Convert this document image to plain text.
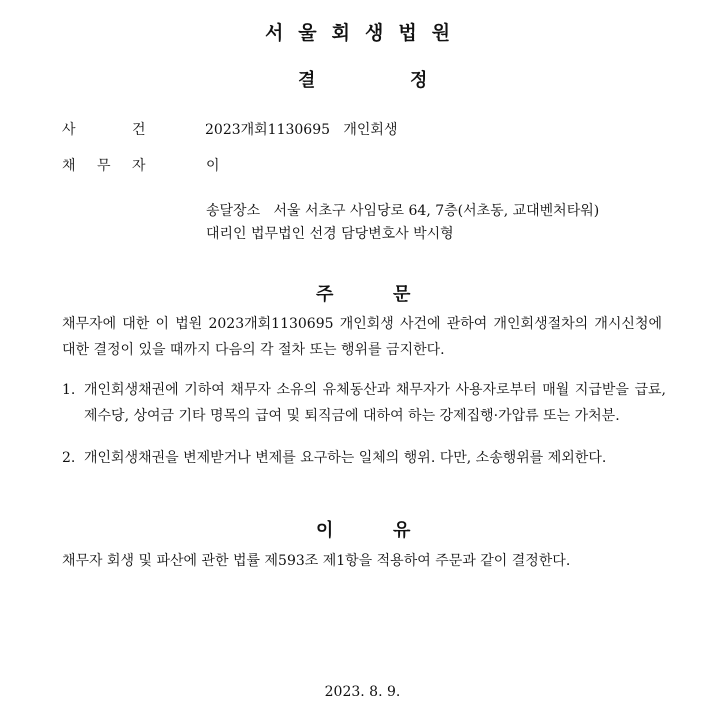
서울회생법원
결	정
사	건	2023개회1130695   개인회생
채 무 자	이
송달장소   서울 서초구 사임당로 64, 7층(서초동, 교대벤처타워)
대리인 법무법인 선경 담당변호사 박시형
주	문
채무자에 대한 이 법원 2023개회1130695 개인회생 사건에 관하여 개인회생절차의 개시신청에 대한 결정이 있을 때까지 다음의 각 절차 또는 행위를 금지한다.
1. 개인회생채권에 기하여 채무자 소유의 유체동산과 채무자가 사용자로부터 매월 지급받을 급료, 제수당, 상여금 기타 명목의 급여 및 퇴직금에 대하여 하는 강제집행·가압류 또는 가처분.
2. 개인회생채권을 변제받거나 변제를 요구하는 일체의 행위. 다만, 소송행위를 제외한다.
이	유
채무자 회생 및 파산에 관한 법률 제593조 제1항을 적용하여 주문과 같이 결정한다.
2023. 8. 9.
